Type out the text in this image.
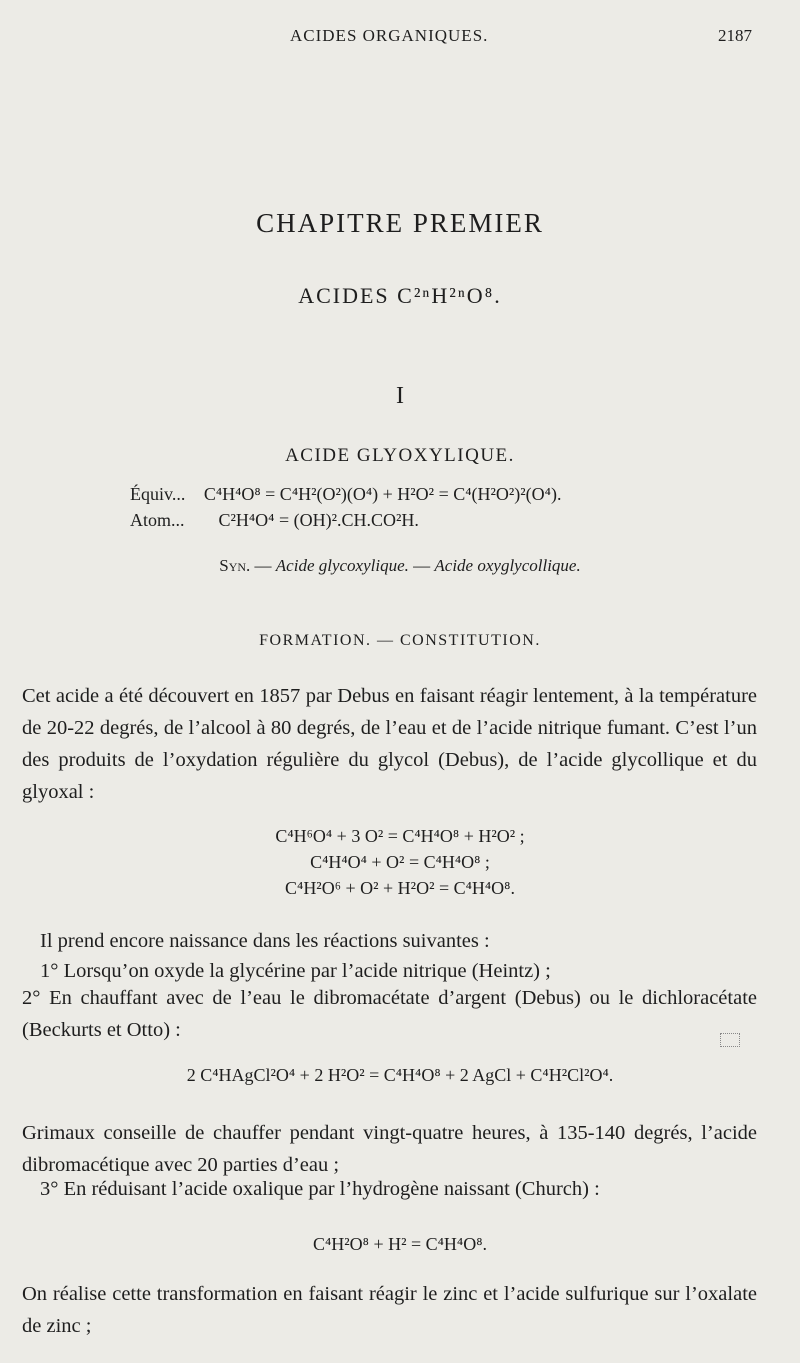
ACIDES ORGANIQUES.	2187
CHAPITRE PREMIER
ACIDES C²ⁿH²ⁿO⁸.
I
ACIDE GLYOXYLIQUE.
Équiv... C⁴H⁴O⁸ = C⁴H²(O²)(O⁴) + H²O² = C⁴(H²O²)²(O⁴).
Atom... C²H⁴O⁴ = (OH)².CH.CO²H.
Syn. — Acide glycoxylique. — Acide oxyglycollique.
FORMATION. — CONSTITUTION.
Cet acide a été découvert en 1857 par Debus en faisant réagir lentement, à la température de 20-22 degrés, de l’alcool à 80 degrés, de l’eau et de l’acide nitrique fumant. C’est l’un des produits de l’oxydation régulière du glycol (Debus), de l’acide glycollique et du glyoxal :
C⁴H⁶O⁴ + 3 O² = C⁴H⁴O⁸ + H²O² ;
C⁴H⁴O⁴ + O² = C⁴H⁴O⁸ ;
C⁴H²O⁶ + O² + H²O² = C⁴H⁴O⁸.
Il prend encore naissance dans les réactions suivantes :
1° Lorsqu’on oxyde la glycérine par l’acide nitrique (Heintz) ;
2° En chauffant avec de l’eau le dibromacétate d’argent (Debus) ou le dichloracétate (Beckurts et Otto) :
2 C⁴HAgCl²O⁴ + 2 H²O² = C⁴H⁴O⁸ + 2 AgCl + C⁴H²Cl²O⁴.
Grimaux conseille de chauffer pendant vingt-quatre heures, à 135-140 degrés, l’acide dibromacétique avec 20 parties d’eau ;
3° En réduisant l’acide oxalique par l’hydrogène naissant (Church) :
C⁴H²O⁸ + H² = C⁴H⁴O⁸.
On réalise cette transformation en faisant réagir le zinc et l’acide sulfurique sur l’oxalate de zinc ;
